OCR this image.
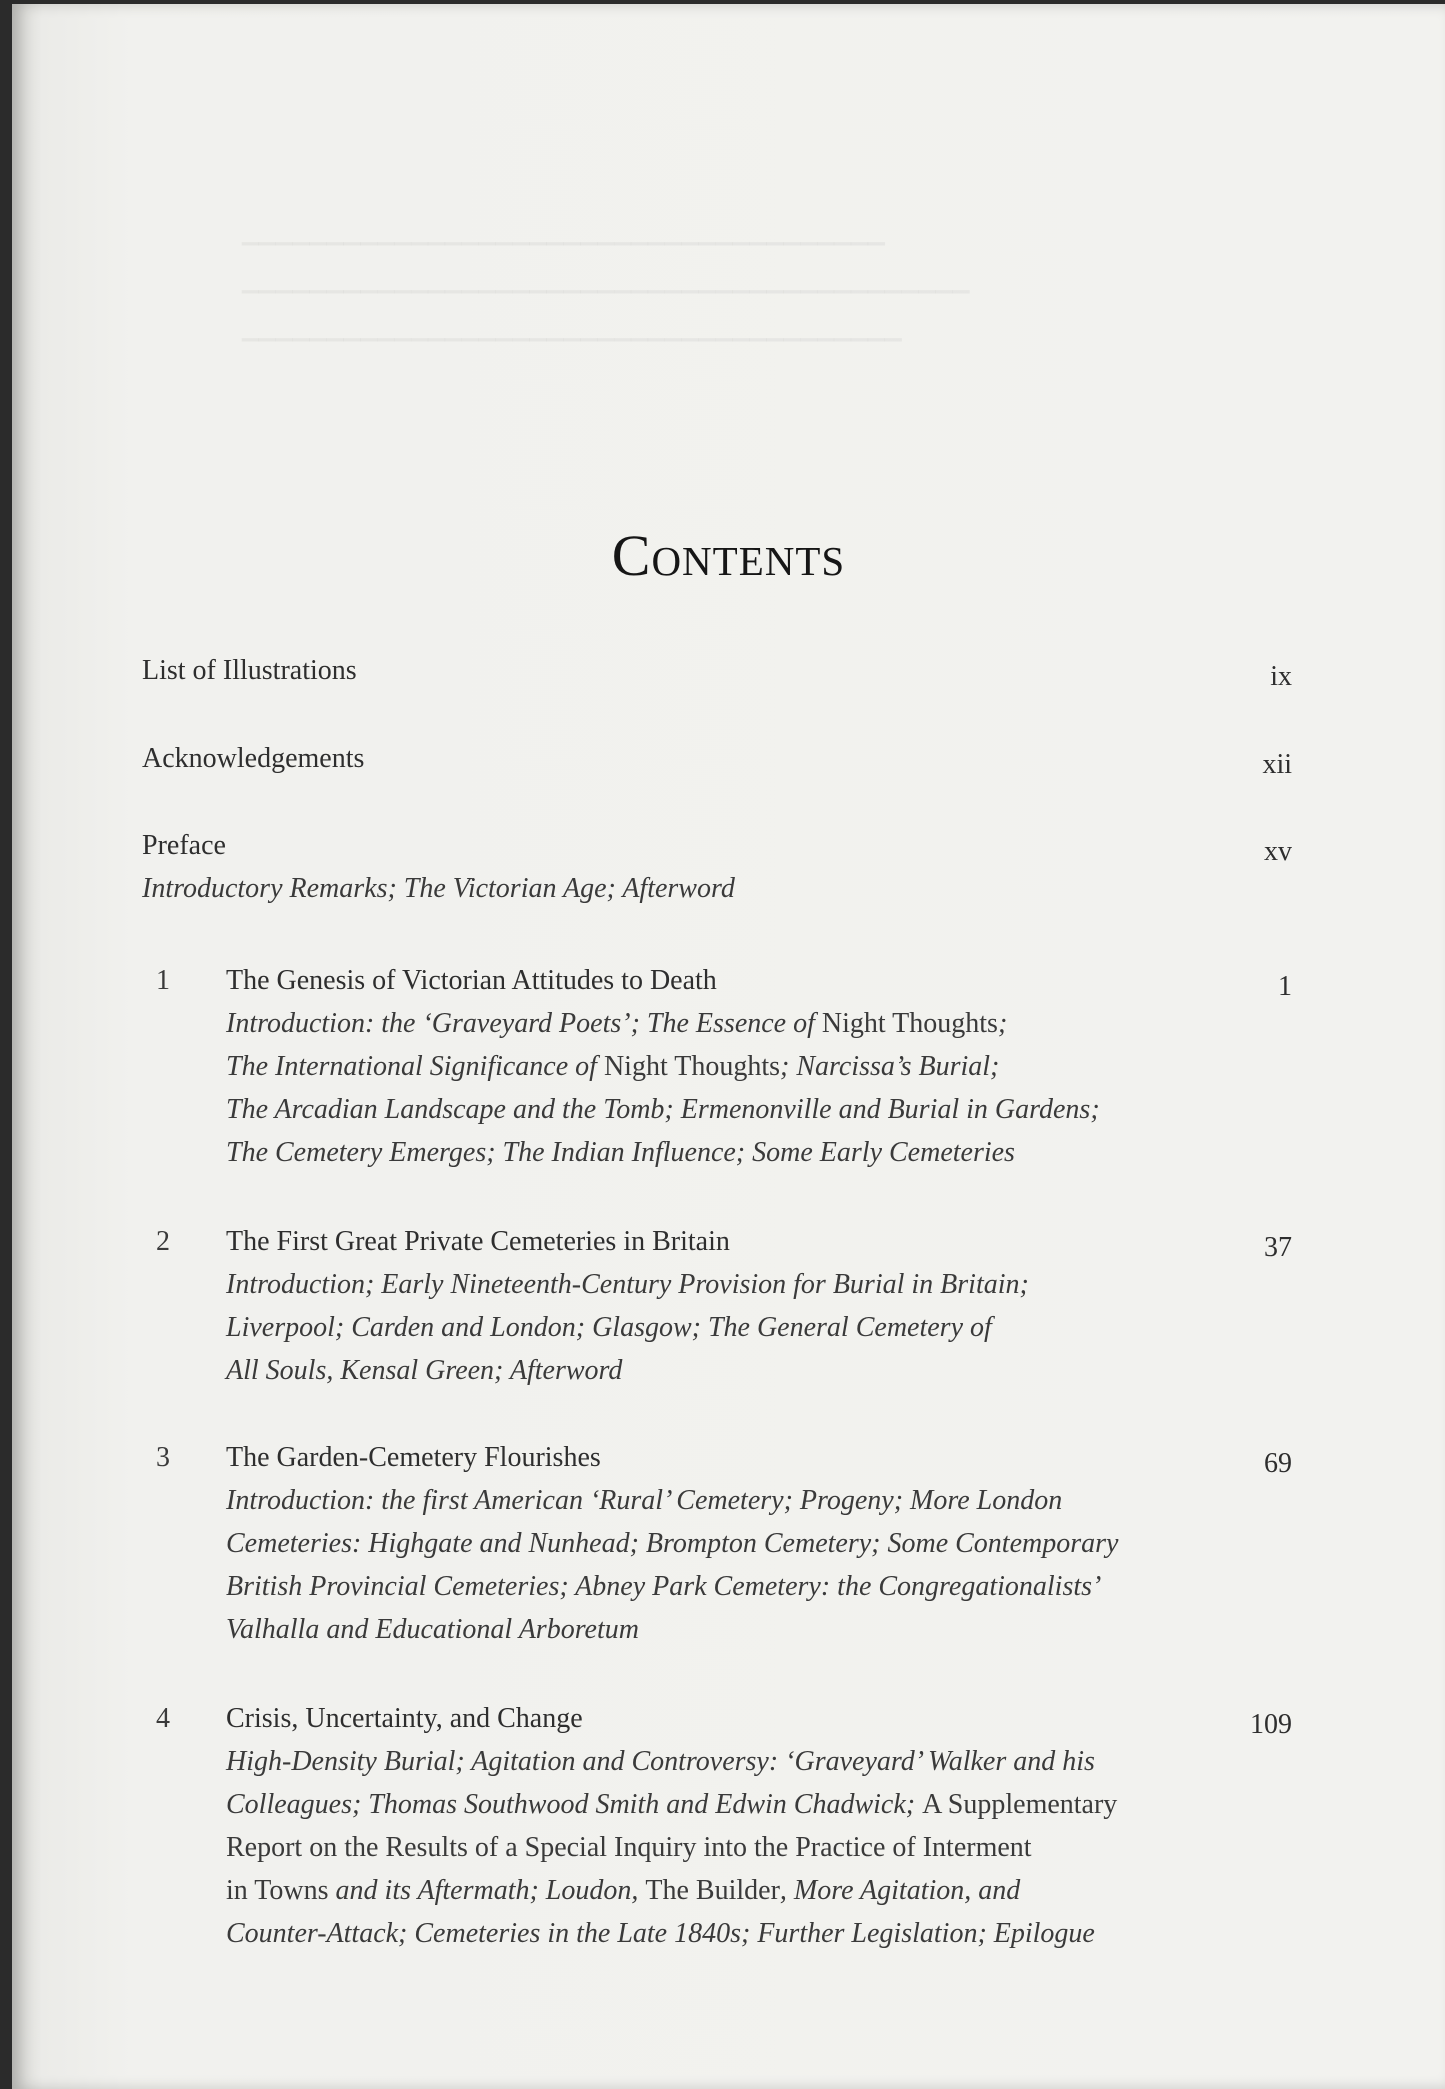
▁▁▁▁▁▁▁▁▁▁▁▁▁▁▁▁▁▁▁▁▁▁▁▁▁▁▁▁▁▁▁▁▁▁▁▁▁▁
▁▁▁▁▁▁▁▁▁▁▁▁▁▁▁▁▁▁▁▁▁▁▁▁▁▁▁▁▁▁▁▁▁▁▁▁▁▁▁▁▁▁▁
▁▁▁▁▁▁▁▁▁▁▁▁▁▁▁▁▁▁▁▁▁▁▁▁▁▁▁▁▁▁▁▁▁▁▁▁▁▁▁
Contents
List of Illustrations	ix
Acknowledgements	xii
Preface
Introductory Remarks; The Victorian Age; Afterword
xv
1 The Genesis of Victorian Attitudes to Death
Introduction: the ‘Graveyard Poets’; The Essence of Night Thoughts;
The International Significance of Night Thoughts; Narcissa’s Burial;
The Arcadian Landscape and the Tomb; Ermenonville and Burial in Gardens;
The Cemetery Emerges; The Indian Influence; Some Early Cemeteries
1
2 The First Great Private Cemeteries in Britain
Introduction; Early Nineteenth-Century Provision for Burial in Britain;
Liverpool; Carden and London; Glasgow; The General Cemetery of
All Souls, Kensal Green; Afterword
37
3 The Garden-Cemetery Flourishes
Introduction: the first American ‘Rural’ Cemetery; Progeny; More London
Cemeteries: Highgate and Nunhead; Brompton Cemetery; Some Contemporary
British Provincial Cemeteries; Abney Park Cemetery: the Congregationalists’
Valhalla and Educational Arboretum
69
4 Crisis, Uncertainty, and Change
High-Density Burial; Agitation and Controversy: ‘Graveyard’ Walker and his
Colleagues; Thomas Southwood Smith and Edwin Chadwick; A Supplementary
Report on the Results of a Special Inquiry into the Practice of Interment
in Towns and its Aftermath; Loudon, The Builder, More Agitation, and
Counter-Attack; Cemeteries in the Late 1840s; Further Legislation; Epilogue
109
